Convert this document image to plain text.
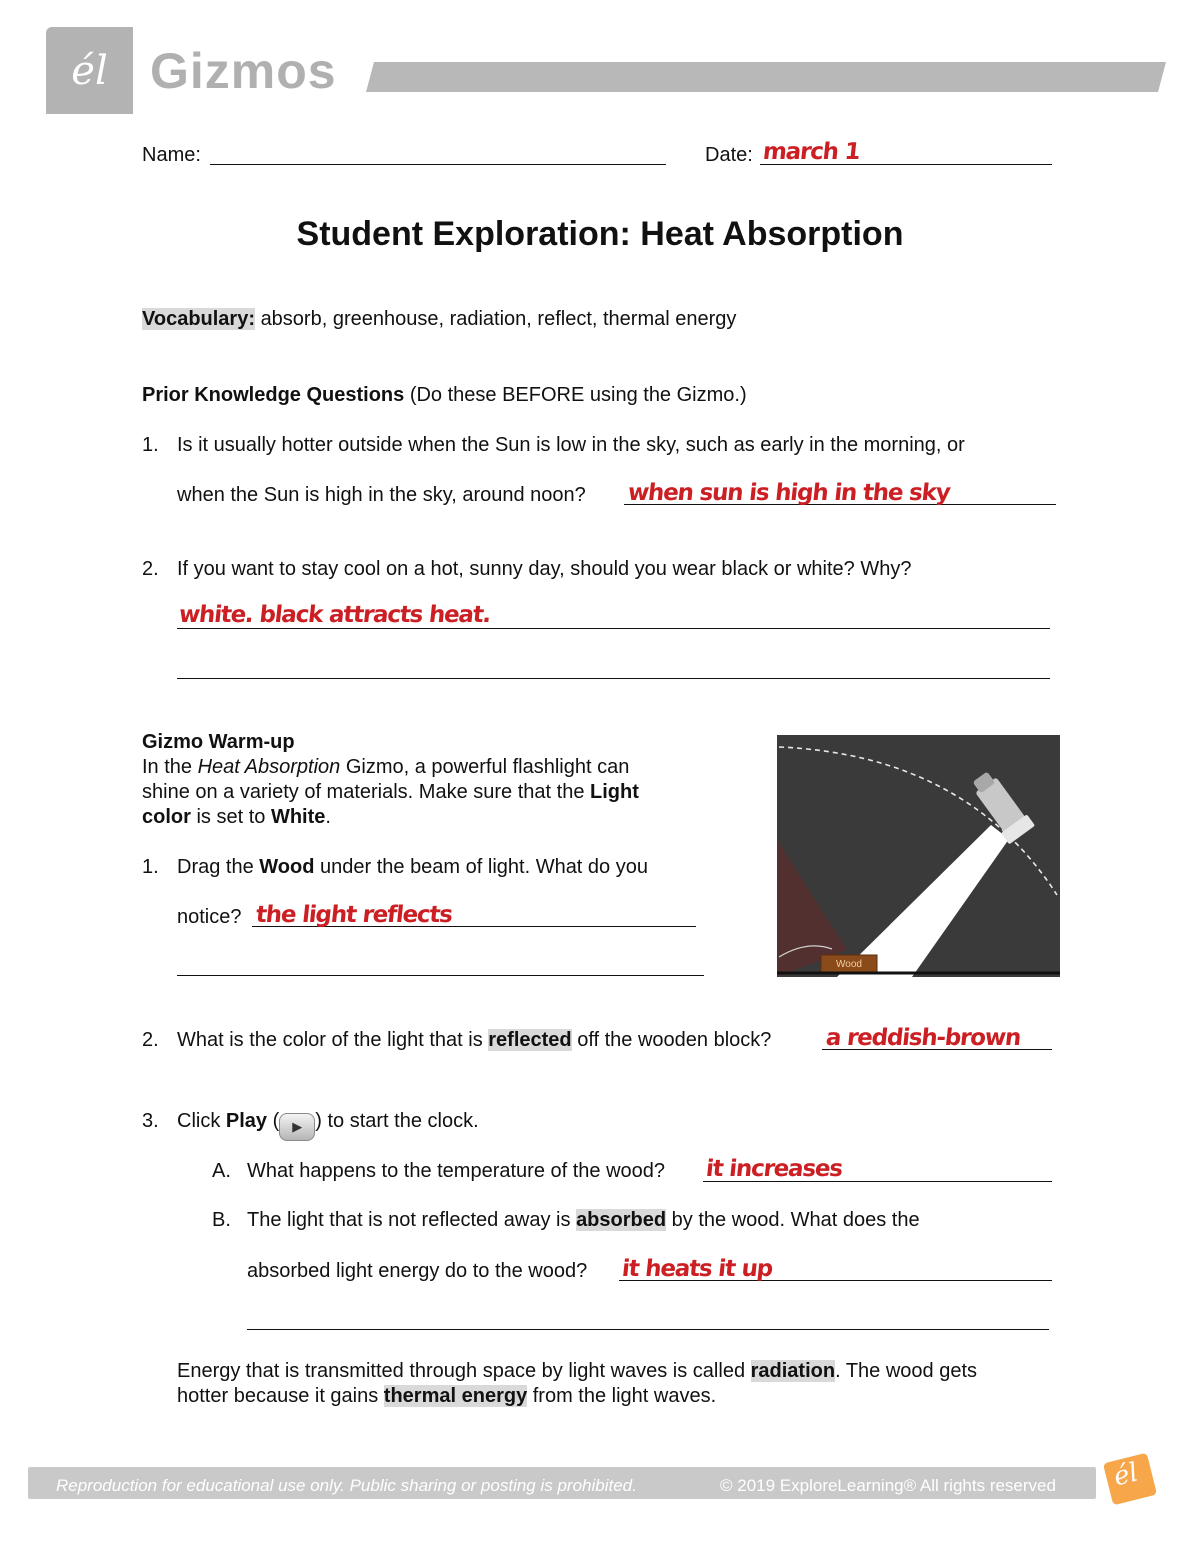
él Gizmos
Name:	Date: march 1
Student Exploration: Heat Absorption
Vocabulary: absorb, greenhouse, radiation, reflect, thermal energy
Prior Knowledge Questions (Do these BEFORE using the Gizmo.)
1. Is it usually hotter outside when the Sun is low in the sky, such as early in the morning, or
when the Sun is high in the sky, around noon? when sun is high in the sky
2. If you want to stay cool on a hot, sunny day, should you wear black or white? Why?
white. black attracts heat.
Gizmo Warm-up
In the Heat Absorption Gizmo, a powerful flashlight can
shine on a variety of materials. Make sure that the Light
color is set to White.
1. Drag the Wood under the beam of light. What do you
notice? the light reflects
Wood
2. What is the color of the light that is reflected off the wooden block? a reddish-brown
3. Click Play ( ▶ ) to start the clock.
A. What happens to the temperature of the wood? it increases
B. The light that is not reflected away is absorbed by the wood. What does the
absorbed light energy do to the wood? it heats it up
Energy that is transmitted through space by light waves is called radiation. The wood gets
hotter because it gains thermal energy from the light waves.
Reproduction for educational use only. Public sharing or posting is prohibited.	© 2019 ExploreLearning® All rights reserved él
